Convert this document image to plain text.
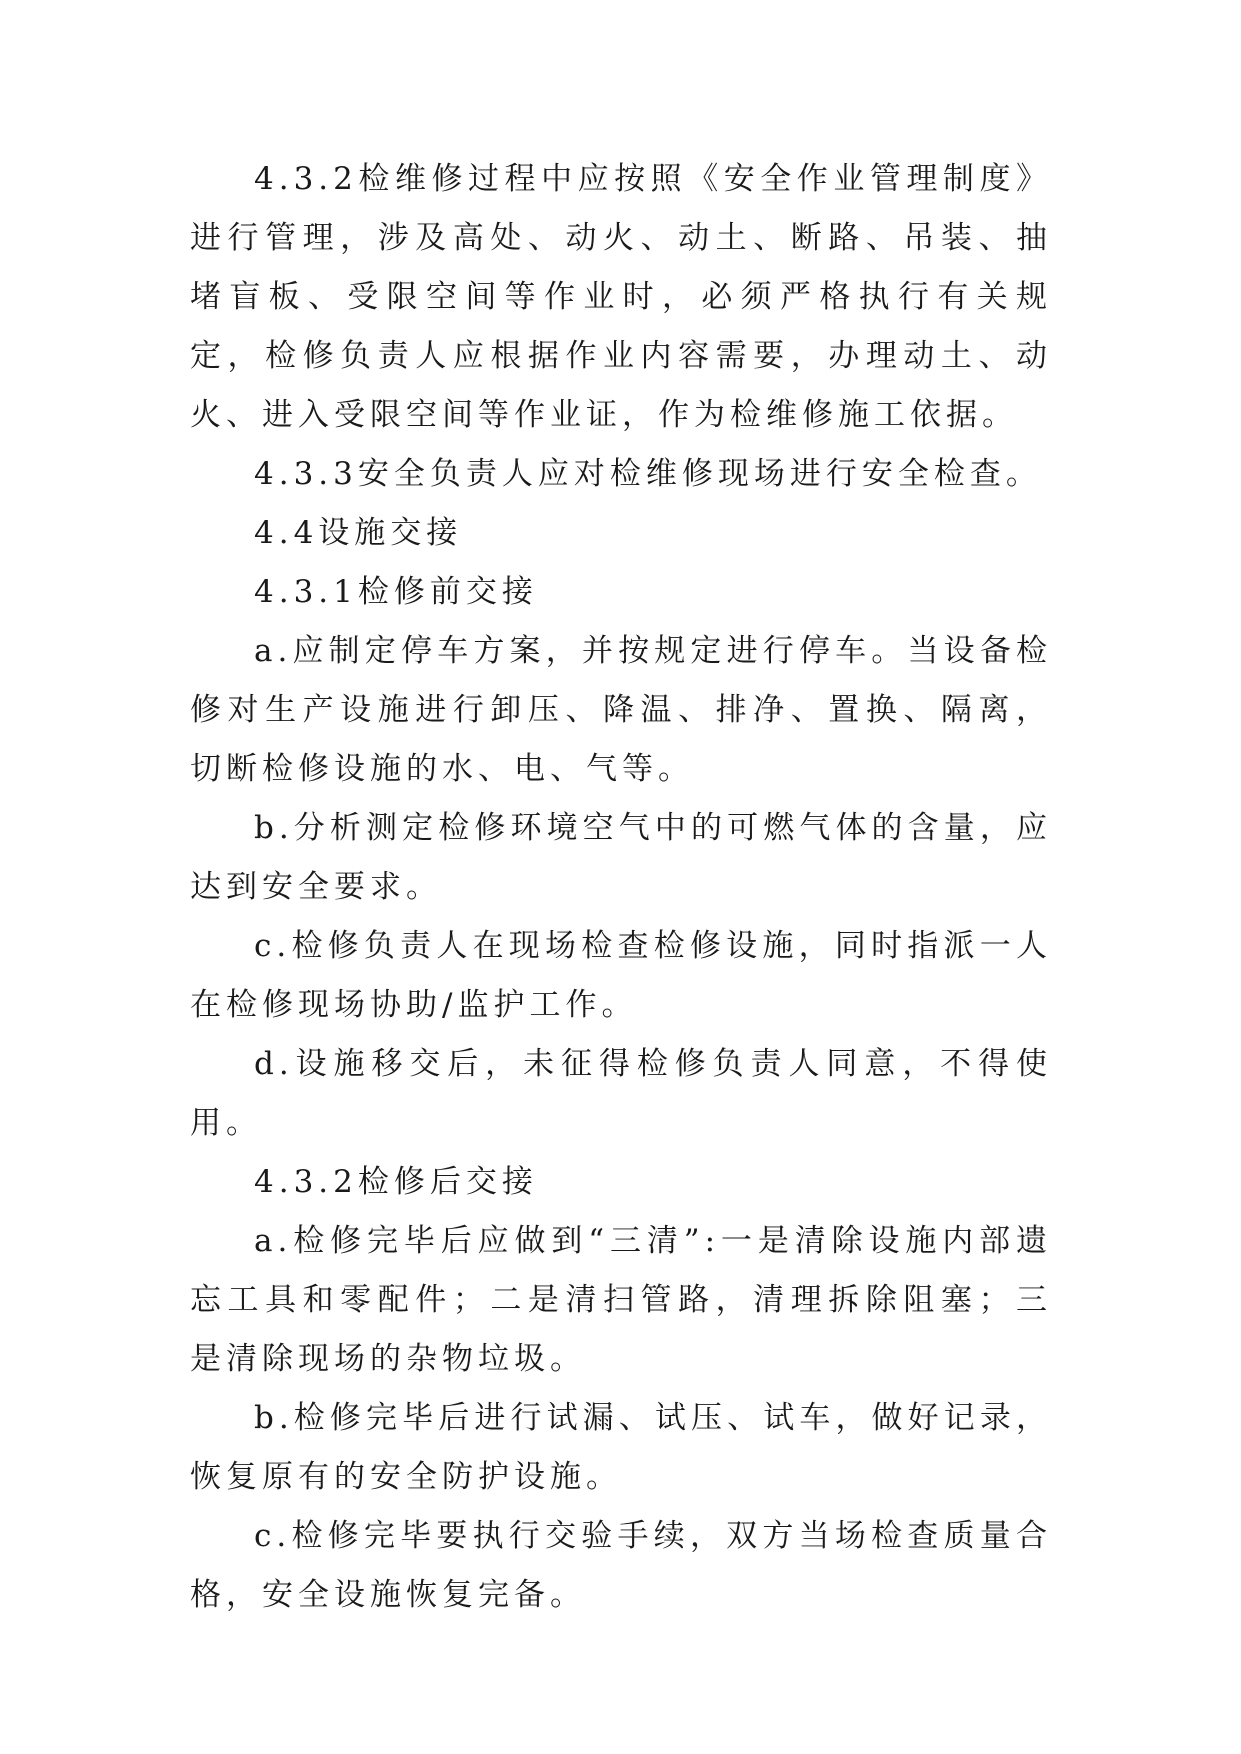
4.3.2检维修过程中应按照《安全作业管理制度》进行管理，涉及高处、动火、动土、断路、吊装、抽堵盲板、受限空间等作业时，必须严格执行有关规定，检修负责人应根据作业内容需要，办理动土、动火、进入受限空间等作业证，作为检维修施工依据。

4.3.3安全负责人应对检维修现场进行安全检查。

4.4设施交接

4.3.1检修前交接

a.应制定停车方案，并按规定进行停车。当设备检修对生产设施进行卸压、降温、排净、置换、隔离，切断检修设施的水、电、气等。

b.分析测定检修环境空气中的可燃气体的含量，应达到安全要求。

c.检修负责人在现场检查检修设施，同时指派一人在检修现场协助/监护工作。

d.设施移交后，未征得检修负责人同意，不得使用。

4.3.2检修后交接

a.检修完毕后应做到“三清”:一是清除设施内部遗忘工具和零配件；二是清扫管路，清理拆除阻塞；三是清除现场的杂物垃圾。

b.检修完毕后进行试漏、试压、试车，做好记录，恢复原有的安全防护设施。

c.检修完毕要执行交验手续，双方当场检查质量合格，安全设施恢复完备。
